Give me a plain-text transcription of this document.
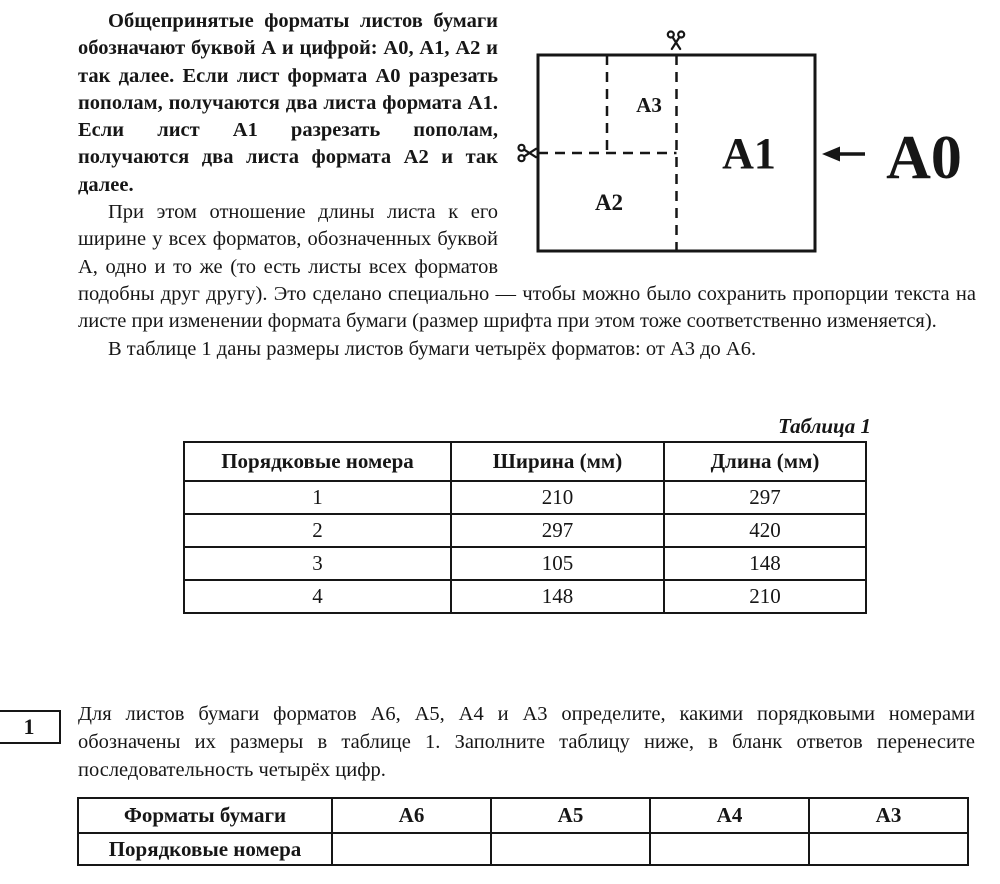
А3
А2
А1 А0

Общепринятые форматы листов бумаги обозначают буквой А и цифрой: А0, А1, А2 и так далее. Если лист формата А0 разрезать пополам, получаются два листа формата А1. Если лист А1 разрезать пополам, получаются два листа формата А2 и так далее.

При этом отношение длины листа к его ширине у всех форматов, обозначенных буквой А, одно и то же (то есть листы всех форматов подобны друг другу). Это сделано специально — чтобы можно было сохранить пропорции текста на листе при изменении формата бумаги (размер шрифта при этом тоже соответственно изменяется).

В таблице 1 даны размеры листов бумаги четырёх форматов: от А3 до А6.

Таблица 1
Порядковые номера	Ширина (мм)	Длина (мм)
1	210	297
2	297	420
3	105	148
4	148	210
1 Для листов бумаги форматов А6, А5, А4 и А3 определите, какими порядковыми номерами обозначены их размеры в таблице 1. Заполните таблицу ниже, в бланк ответов перенесите последовательность четырёх цифр.
Форматы бумаги	А6	А5	А4	А3
Порядковые номера				
